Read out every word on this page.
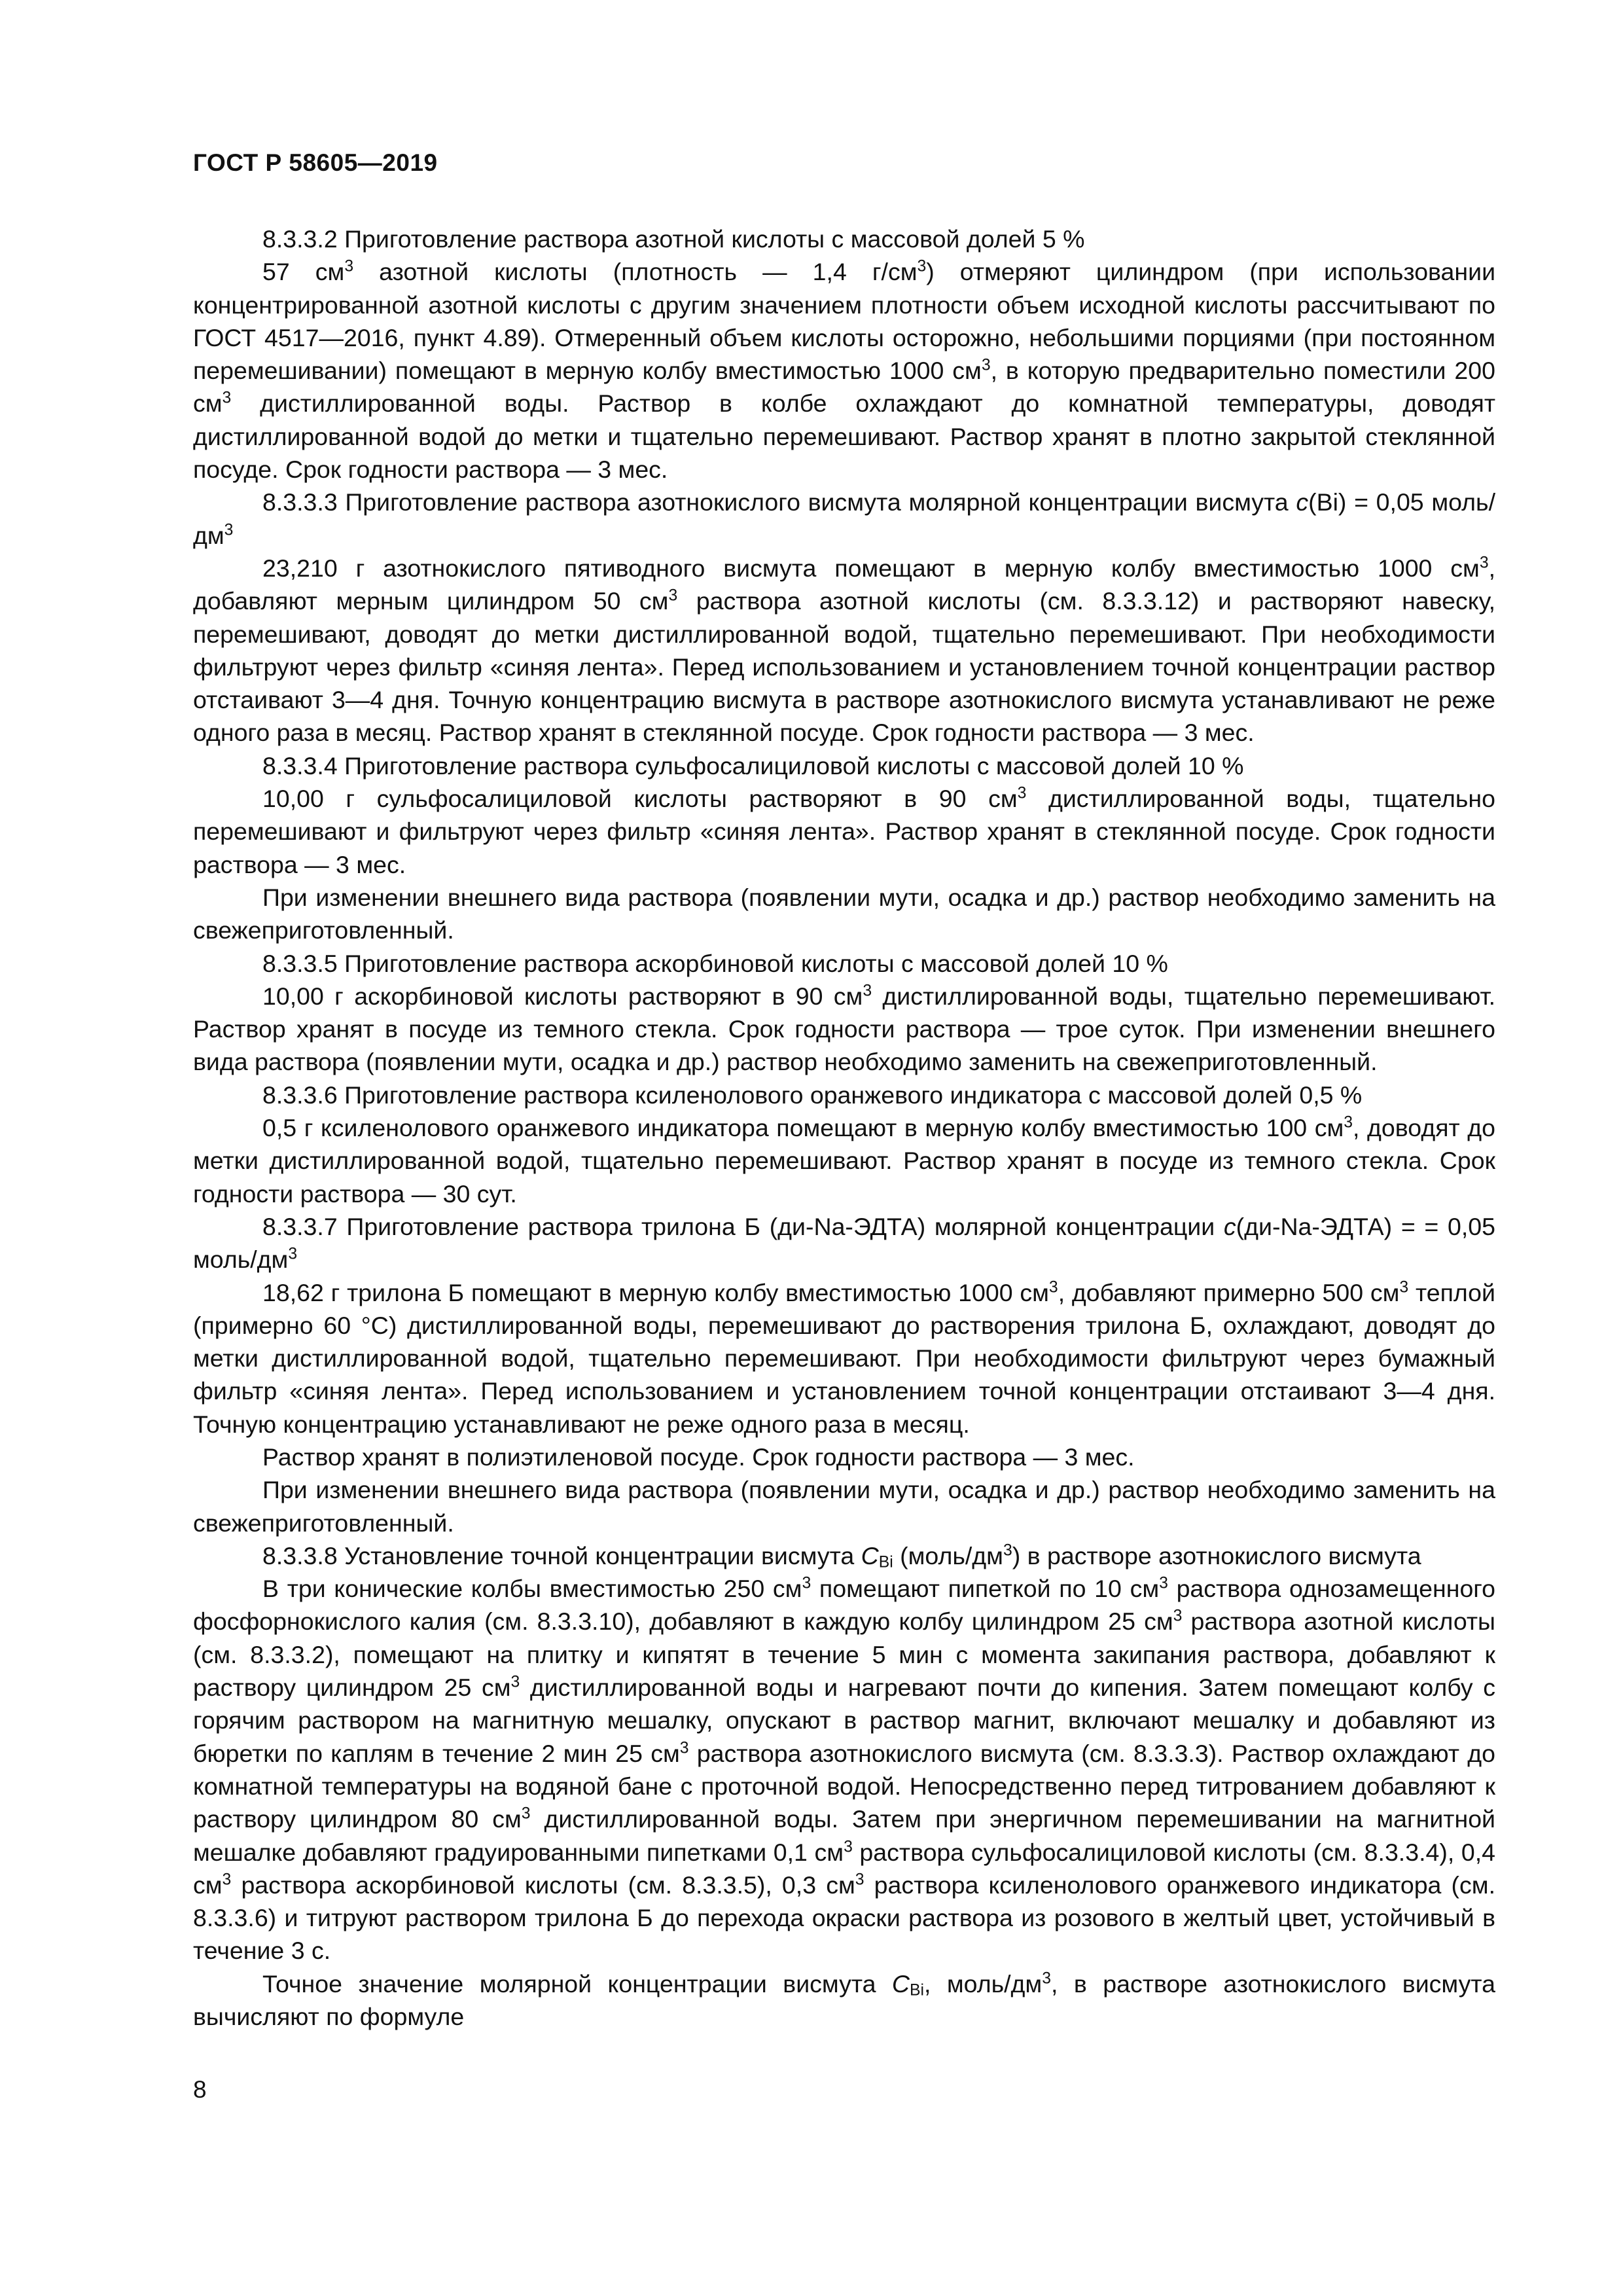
ГОСТ Р 58605—2019

8.3.3.2 Приготовление раствора азотной кислоты с массовой долей 5 %

57 $см^3$ азотной кислоты (плотность — 1,4 $г/см^3$) отмеряют цилиндром (при использовании концентрированной азотной кислоты с другим значением плотности объем исходной кислоты рассчитывают по ГОСТ 4517—2016, пункт 4.89). Отмеренный объем кислоты осторожно, небольшими порциями (при постоянном перемешивании) помещают в мерную колбу вместимостью 1000 $см^3$, в которую предварительно поместили 200 $см^3$ дистиллированной воды. Раствор в колбе охлаждают до комнатной температуры, доводят дистиллированной водой до метки и тщательно перемешивают. Раствор хранят в плотно закрытой стеклянной посуде. Срок годности раствора — 3 мес.

8.3.3.3 Приготовление раствора азотнокислого висмута молярной концентрации висмута с(Bi) = 0,05 моль/$дм^3$

23,210 г азотнокислого пятиводного висмута помещают в мерную колбу вместимостью 1000 $см^3$, добавляют мерным цилиндром 50 $см^3$ раствора азотной кислоты (см. 8.3.3.12) и растворяют навеску, перемешивают, доводят до метки дистиллированной водой, тщательно перемешивают. При необходимости фильтруют через фильтр «синяя лента». Перед использованием и установлением точной концентрации раствор отстаивают 3—4 дня. Точную концентрацию висмута в растворе азотнокислого висмута устанавливают не реже одного раза в месяц. Раствор хранят в стеклянной посуде. Срок годности раствора — 3 мес.

8.3.3.4 Приготовление раствора сульфосалициловой кислоты с массовой долей 10 %

10,00 г сульфосалициловой кислоты растворяют в 90 $см^3$ дистиллированной воды, тщательно перемешивают и фильтруют через фильтр «синяя лента». Раствор хранят в стеклянной посуде. Срок годности раствора — 3 мес.

При изменении внешнего вида раствора (появлении мути, осадка и др.) раствор необходимо заменить на свежеприготовленный.

8.3.3.5 Приготовление раствора аскорбиновой кислоты с массовой долей 10 %

10,00 г аскорбиновой кислоты растворяют в 90 $см^3$ дистиллированной воды, тщательно перемешивают. Раствор хранят в посуде из темного стекла. Срок годности раствора — трое суток. При изменении внешнего вида раствора (появлении мути, осадка и др.) раствор необходимо заменить на свежеприготовленный.

8.3.3.6 Приготовление раствора ксиленолового оранжевого индикатора с массовой долей 0,5 %

0,5 г ксиленолового оранжевого индикатора помещают в мерную колбу вместимостью 100 $см^3$, доводят до метки дистиллированной водой, тщательно перемешивают. Раствор хранят в посуде из темного стекла. Срок годности раствора — 30 сут.

8.3.3.7 Приготовление раствора трилона Б (ди-Na-ЭДТА) молярной концентрации с(ди-Na-ЭДТА) = = 0,05 моль/$дм^3$

18,62 г трилона Б помещают в мерную колбу вместимостью 1000 $см^3$, добавляют примерно 500 $см^3$ теплой (примерно 60 °С) дистиллированной воды, перемешивают до растворения трилона Б, охлаждают, доводят до метки дистиллированной водой, тщательно перемешивают. При необходимости фильтруют через бумажный фильтр «синяя лента». Перед использованием и установлением точной концентрации отстаивают 3—4 дня. Точную концентрацию устанавливают не реже одного раза в месяц.

Раствор хранят в полиэтиленовой посуде. Срок годности раствора — 3 мес.

При изменении внешнего вида раствора (появлении мути, осадка и др.) раствор необходимо заменить на свежеприготовленный.

8.3.3.8 Установление точной концентрации висмута $С_{Bi}$ $(моль/дм^3)$ в растворе азотнокислого висмута

В три конические колбы вместимостью 250 $см^3$ помещают пипеткой по 10 $см^3$ раствора однозамещенного фосфорнокислого калия (см. 8.3.3.10), добавляют в каждую колбу цилиндром 25 $см^3$ раствора азотной кислоты (см. 8.3.3.2), помещают на плитку и кипятят в течение 5 мин с момента закипания раствора, добавляют к раствору цилиндром 25 $см^3$ дистиллированной воды и нагревают почти до кипения. Затем помещают колбу с горячим раствором на магнитную мешалку, опускают в раствор магнит, включают мешалку и добавляют из бюретки по каплям в течение 2 мин 25 $см^3$ раствора азотнокислого висмута (см. 8.3.3.3). Раствор охлаждают до комнатной температуры на водяной бане с проточной водой. Непосредственно перед титрованием добавляют к раствору цилиндром 80 $см^3$ дистиллированной воды. Затем при энергичном перемешивании на магнитной мешалке добавляют градуированными пипетками 0,1 $см^3$ раствора сульфосалициловой кислоты (см. 8.3.3.4), 0,4 $см^3$ раствора аскорбиновой кислоты (см. 8.3.3.5), 0,3 $см^3$ раствора ксиленолового оранжевого индикатора (см. 8.3.3.6) и титруют раствором трилона Б до перехода окраски раствора из розового в желтый цвет, устойчивый в течение 3 с.

Точное значение молярной концентрации висмута $С_{Bi}$, моль/$дм^3$, в растворе азотнокислого висмута вычисляют по формуле

8
